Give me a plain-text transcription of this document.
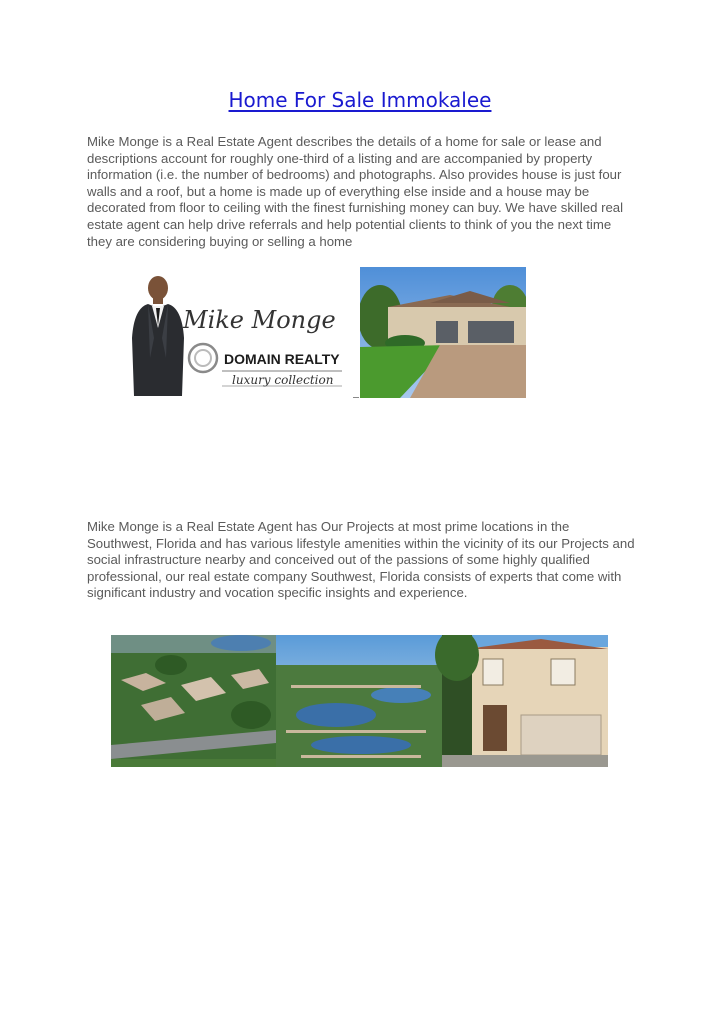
Home For Sale Immokalee

Mike Monge is a Real Estate Agent describes the details of a home for sale or lease and descriptions account for roughly one-third of a listing and are accompanied by property information (i.e. the number of bedrooms) and photographs. Also provides house is just four walls and a roof, but a home is made up of everything else inside and a house may be decorated from floor to ceiling with the finest furnishing money can buy. We have skilled real estate agent can help drive referrals and help potential clients to think of you the next time they are considering buying or selling a home

Mike Monge
DOMAIN REALTY
luxury collection

Mike Monge is a Real Estate Agent has Our Projects at most prime locations in the Southwest, Florida and has various lifestyle amenities within the vicinity of its our Projects and social infrastructure nearby and conceived out of the passions of some highly qualified professional, our real estate company Southwest, Florida consists of experts that come with significant industry and vocation specific insights and experience.
